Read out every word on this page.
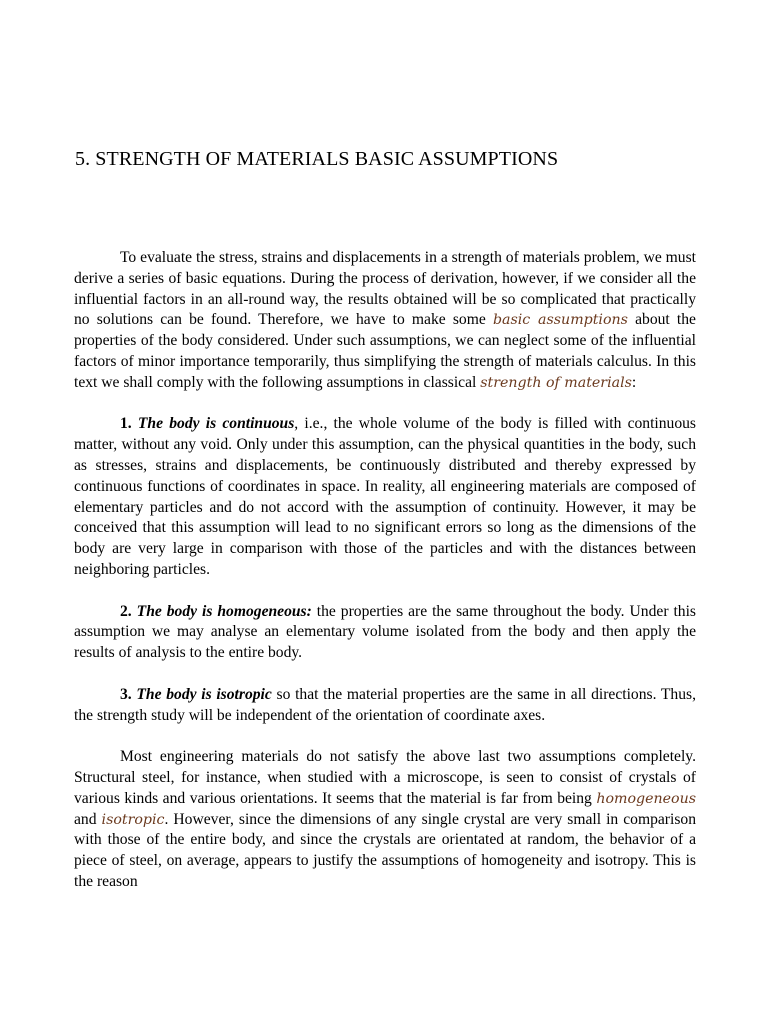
5. STRENGTH OF MATERIALS BASIC ASSUMPTIONS

To evaluate the stress, strains and displacements in a strength of materials problem, we must derive a series of basic equations. During the process of derivation, however, if we consider all the influential factors in an all-round way, the results obtained will be so complicated that practically no solutions can be found. Therefore, we have to make some basic assumptions about the properties of the body considered. Under such assumptions, we can neglect some of the influential factors of minor importance temporarily, thus simplifying the strength of materials calculus. In this text we shall comply with the following assumptions in classical strength of materials:

1. The body is continuous, i.e., the whole volume of the body is filled with continuous matter, without any void. Only under this assumption, can the physical quantities in the body, such as stresses, strains and displacements, be continuously distributed and thereby expressed by continuous functions of coordinates in space. In reality, all engineering materials are composed of elementary particles and do not accord with the assumption of continuity. However, it may be conceived that this assumption will lead to no significant errors so long as the dimensions of the body are very large in comparison with those of the particles and with the distances between neighboring particles.

2. The body is homogeneous: the properties are the same throughout the body. Under this assumption we may analyse an elementary volume isolated from the body and then apply the results of analysis to the entire body.

3. The body is isotropic so that the material properties are the same in all directions. Thus, the strength study will be independent of the orientation of coordinate axes.

Most engineering materials do not satisfy the above last two assumptions completely. Structural steel, for instance, when studied with a microscope, is seen to consist of crystals of various kinds and various orientations. It seems that the material is far from being homogeneous and isotropic. However, since the dimensions of any single crystal are very small in comparison with those of the entire body, and since the crystals are orientated at random, the behavior of a piece of steel, on average, appears to justify the assumptions of homogeneity and isotropy. This is the reason
